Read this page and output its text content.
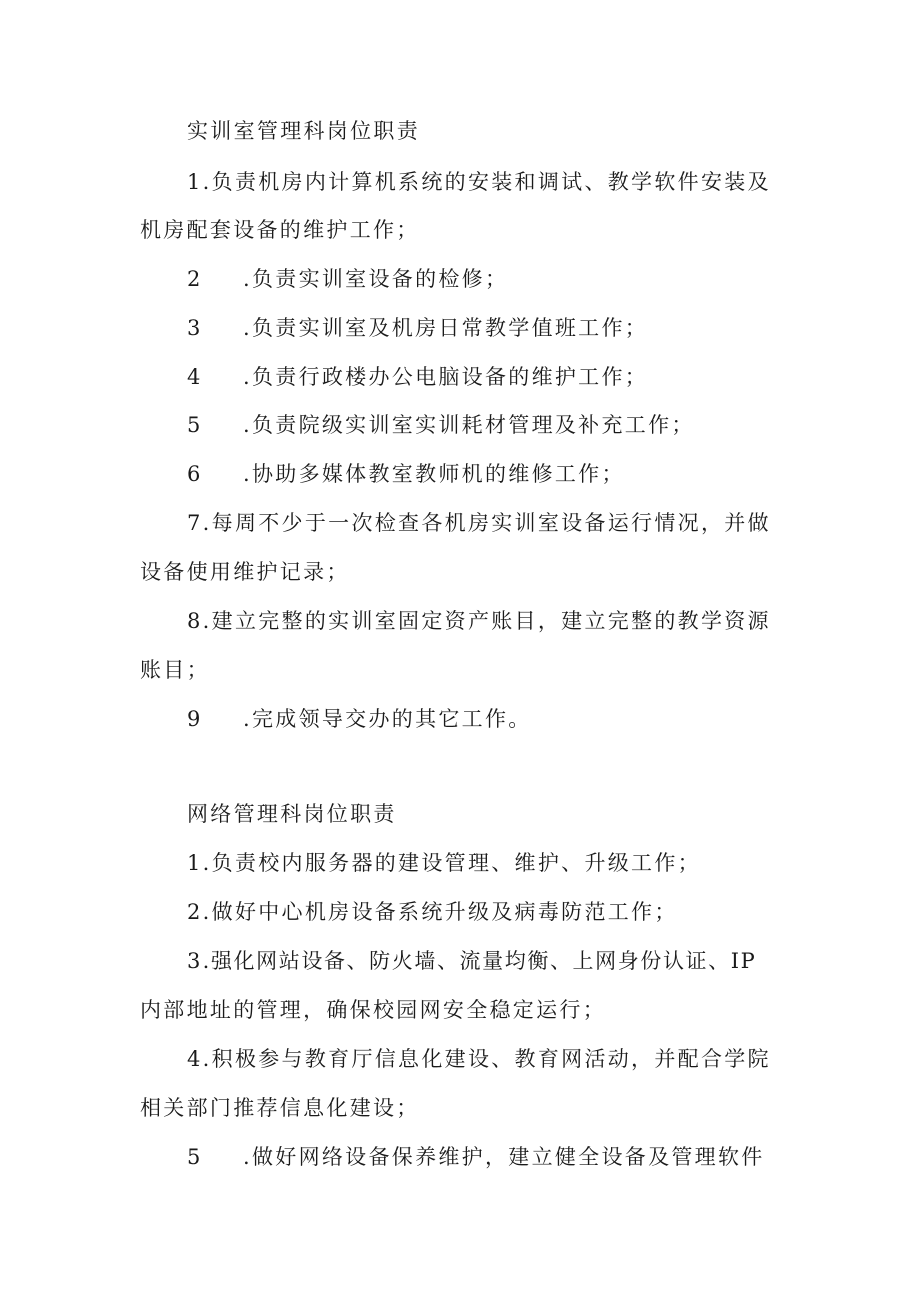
实训室管理科岗位职责
1.负责机房内计算机系统的安装和调试、教学软件安装及
机房配套设备的维护工作；
2 .负责实训室设备的检修；
3 .负责实训室及机房日常教学值班工作；
4 .负责行政楼办公电脑设备的维护工作；
5 .负责院级实训室实训耗材管理及补充工作；
6 .协助多媒体教室教师机的维修工作；
7.每周不少于一次检查各机房实训室设备运行情况，并做
设备使用维护记录；
8.建立完整的实训室固定资产账目，建立完整的教学资源
账目；
9 .完成领导交办的其它工作。
网络管理科岗位职责
1.负责校内服务器的建设管理、维护、升级工作；
2.做好中心机房设备系统升级及病毒防范工作；
3.强化网站设备、防火墙、流量均衡、上网身份认证、IP
内部地址的管理，确保校园网安全稳定运行；
4.积极参与教育厅信息化建设、教育网活动，并配合学院
相关部门推荐信息化建设；
5 .做好网络设备保养维护，建立健全设备及管理软件
